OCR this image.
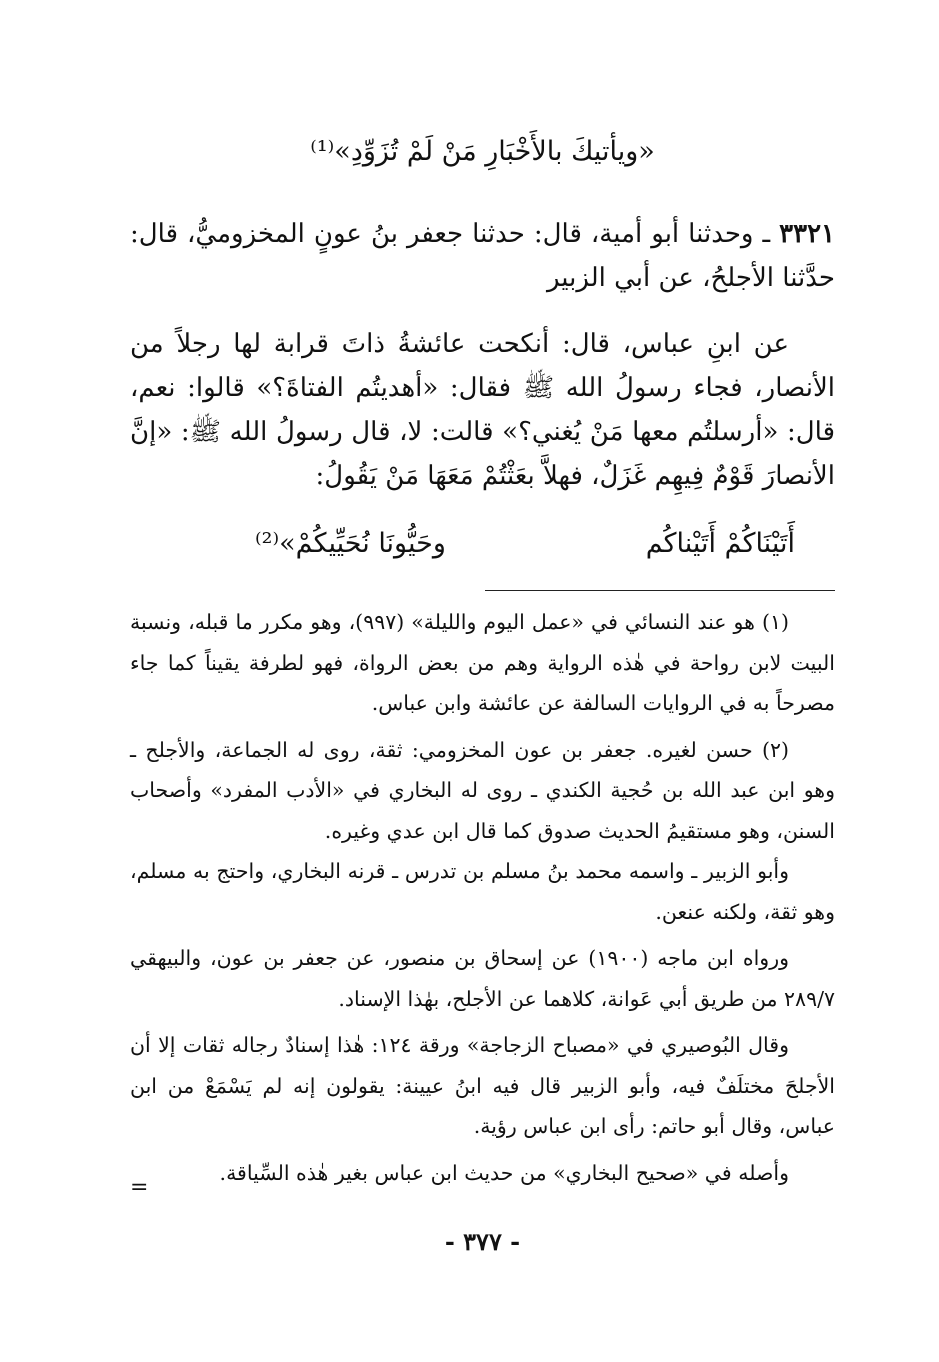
«ويأتيكَ بالأَخْبَارِ مَنْ لَمْ تُزَوِّدِ»⁽¹⁾

٣٣٢١ ـ وحدثنا أبو أمية، قال: حدثنا جعفر بنُ عونٍ المخزوميُّ، قال: حدَّثنا الأجلحُ، عن أبي الزبير

عن ابنِ عباس، قال: أنكحت عائشةُ ذاتَ قرابة لها رجلاً من الأنصار، فجاء رسولُ الله ﷺ فقال: «أهديتُم الفتاةَ؟» قالوا: نعم، قال: «أرسلتُم معها مَنْ يُغني؟» قالت: لا، قال رسولُ الله ﷺ: «إنَّ الأنصارَ قَوْمٌ فِيهِم غَزَلٌ، فهلاَّ بعَثْتُمْ مَعَهَا مَنْ يَقُولُ:

أَتَيْنَاكُمْ أَتَيْناكُم
وحَيُّونَا نُحَيِّيكُمْ»⁽²⁾

(١) هو عند النسائي في «عمل اليوم والليلة» (٩٩٧)، وهو مكرر ما قبله، ونسبة البيت لابن رواحة في هٰذه الرواية وهم من بعض الرواة، فهو لطرفة يقيناً كما جاء مصرحاً به في الروايات السالفة عن عائشة وابن عباس.

(٢) حسن لغيره. جعفر بن عون المخزومي: ثقة، روى له الجماعة، والأجلح ـ وهو ابن عبد الله بن حُجية الكندي ـ روى له البخاري في «الأدب المفرد» وأصحاب السنن، وهو مستقيمُ الحديث صدوق كما قال ابن عدي وغيره.

وأبو الزبير ـ واسمه محمد بنُ مسلم بن تدرس ـ قرنه البخاري، واحتج به مسلم، وهو ثقة، ولكنه عنعن.

ورواه ابن ماجه (١٩٠٠) عن إسحاق بن منصور، عن جعفر بن عون، والبيهقي ٢٨٩/٧ من طريق أبي عَوانة، كلاهما عن الأجلح، بهٰذا الإسناد.

وقال البُوصيري في «مصباح الزجاجة» ورقة ١٢٤: هٰذا إسنادٌ رجاله ثقات إلا أن الأجلحَ مختلَفٌ فيه، وأبو الزبير قال فيه ابنُ عيينة: يقولون إنه لم يَسْمَعْ من ابن عباس، وقال أبو حاتم: رأى ابن عباس رؤية.

وأصله في «صحيح البخاري» من حديث ابن عباس بغير هٰذه السِّياقة.

=
- ٣٧٧ -
